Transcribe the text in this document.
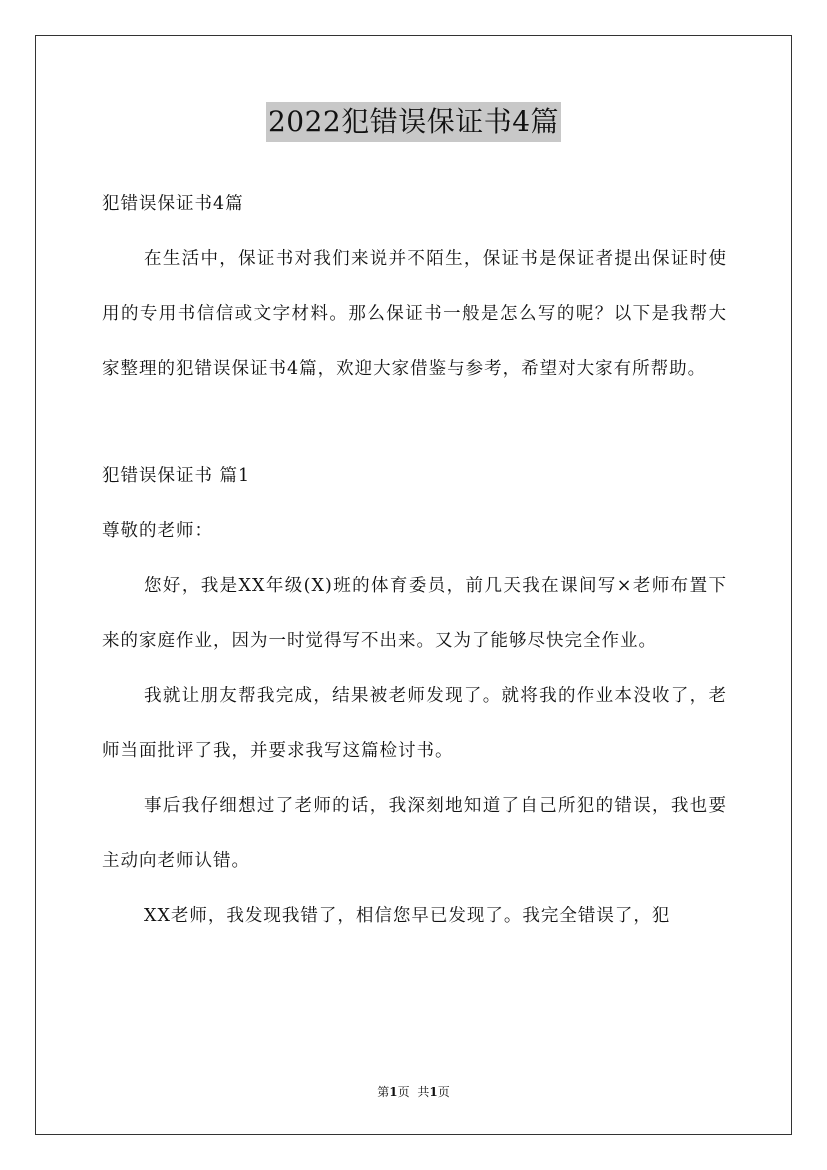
2022犯错误保证书4篇

犯错误保证书4篇

在生活中，保证书对我们来说并不陌生，保证书是保证者提出保证时使用的专用书信信或文字材料。那么保证书一般是怎么写的呢？以下是我帮大家整理的犯错误保证书4篇，欢迎大家借鉴与参考，希望对大家有所帮助。

犯错误保证书 篇1

尊敬的老师：

您好，我是XX年级(X)班的体育委员，前几天我在课间写×老师布置下来的家庭作业，因为一时觉得写不出来。又为了能够尽快完全作业。

我就让朋友帮我完成，结果被老师发现了。就将我的作业本没收了，老师当面批评了我，并要求我写这篇检讨书。

事后我仔细想过了老师的话，我深刻地知道了自己所犯的错误，我也要主动向老师认错。

XX老师，我发现我错了，相信您早已发现了。我完全错误了，犯

第1页 共1页
